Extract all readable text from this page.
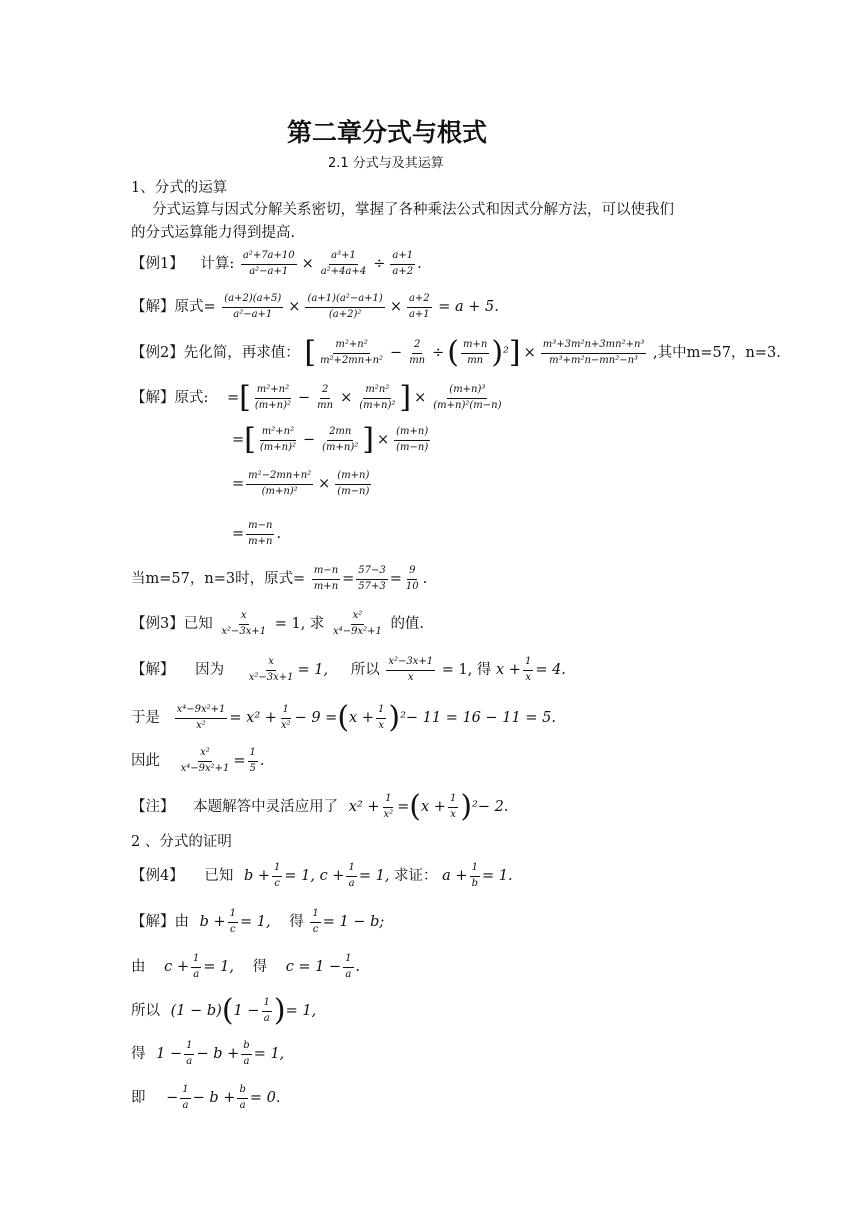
第二章分式与根式
2.1 分式与及其运算
1、分式的运算
分式运算与因式分解关系密切，掌握了各种乘法公式和因式分解方法，可以使我们
的分式运算能力得到提高.
【例1】 计算: $\frac{\text{a²+7a+10}}{\text{a²−a+1}} \times \frac{\text{a³+1}}{\text{a²+4a+4}} \div \frac{a+1}{a+2}$ .
【解】原式= $\frac{(a+2)(a+5)}{\text{a²−a+1}} \times \frac{\text{(a+1)(a²−a+1)}}{\text{(a+2)²}} \times \frac{a+2}{a+1} = a + 5$.
【例2】先化简，再求值： [ $\frac{\text{m²+n²}}{\text{m²+2mn+n²}} - \frac{2}{mn}$ ÷ ( $\frac{m+n}{mn} )^2] \times \frac{\text{m³+3m²n+3mn²+n³}}{\text{m³+m²n−mn²−n³}}$ ,其中m=57，n=3.
【解】原式: =[ $\frac{\text{m²+n²}}{\text{(m+n)²}} - \frac{2}{mn} \times \frac{\text{m²n²}}{\text{(m+n)²}}$ ] × $\frac{\text{(m+n)³}}{\text{(m+n)²(m−n)}}$
=[ $\frac{\text{m²+n²}}{\text{(m+n)²}} - \frac{2mn}{\text{(m+n)²}}$ ] × $\frac{(m+n)}{(m-n)}$
= $\frac{\text{m²−2mn+n²}}{\text{(m+n)²}} \times \frac{(m+n)}{(m-n)}$
= $\frac{m-n}{m+n}$ .
当m=57，n=3时，原式= $\frac{m-n}{m+n} = \frac{57-3}{57+3} = \frac{9}{10}$ .
【例3】已知 $\frac{x}{\text{x²−3x+1}} = 1$, 求 $\frac{\text{x²}}{\text{x⁴−9x²+1}}$ 的值.
【解】 因为 $\frac{x}{\text{x²−3x+1}} = 1$, 所以 $\frac{\text{x²−3x+1}}{x} = 1$, 得 $x + \frac{1}{x} = 4$.
于是 $\frac{\text{x⁴−9x²+1}}{\text{x²}} = x^2 + \frac{1}{\text{x²}} - 9 =(x + \frac{1}{x} )^2- 11 = 16 - 11 = 5$.
因此 $\frac{\text{x²}}{\text{x⁴−9x²+1}} = \frac{1}{5}$ .
【注】 本题解答中灵活应用了 $x^2 + \frac{1}{\text{x²}} =(x + \frac{1}{x} )^2- 2$.
2 、分式的证明
【例4】 已知 $b + \frac{1}{c} = 1$, $c + \frac{1}{a} = 1$, 求证： $a + \frac{1}{b} = 1$.
【解】由 $b + \frac{1}{c} = 1$, 得 $\frac{1}{c} = 1 - b$;
由 $c + \frac{1}{a} = 1$, 得 $c = 1 - \frac{1}{a}$ .
所以 $(1 - b)(1 - \frac{1}{a}$ )= 1,
得 $1 - \frac{1}{a} - b + \frac{b}{a} = 1$,
即 − $\frac{1}{a} - b + \frac{b}{a} = 0$.
